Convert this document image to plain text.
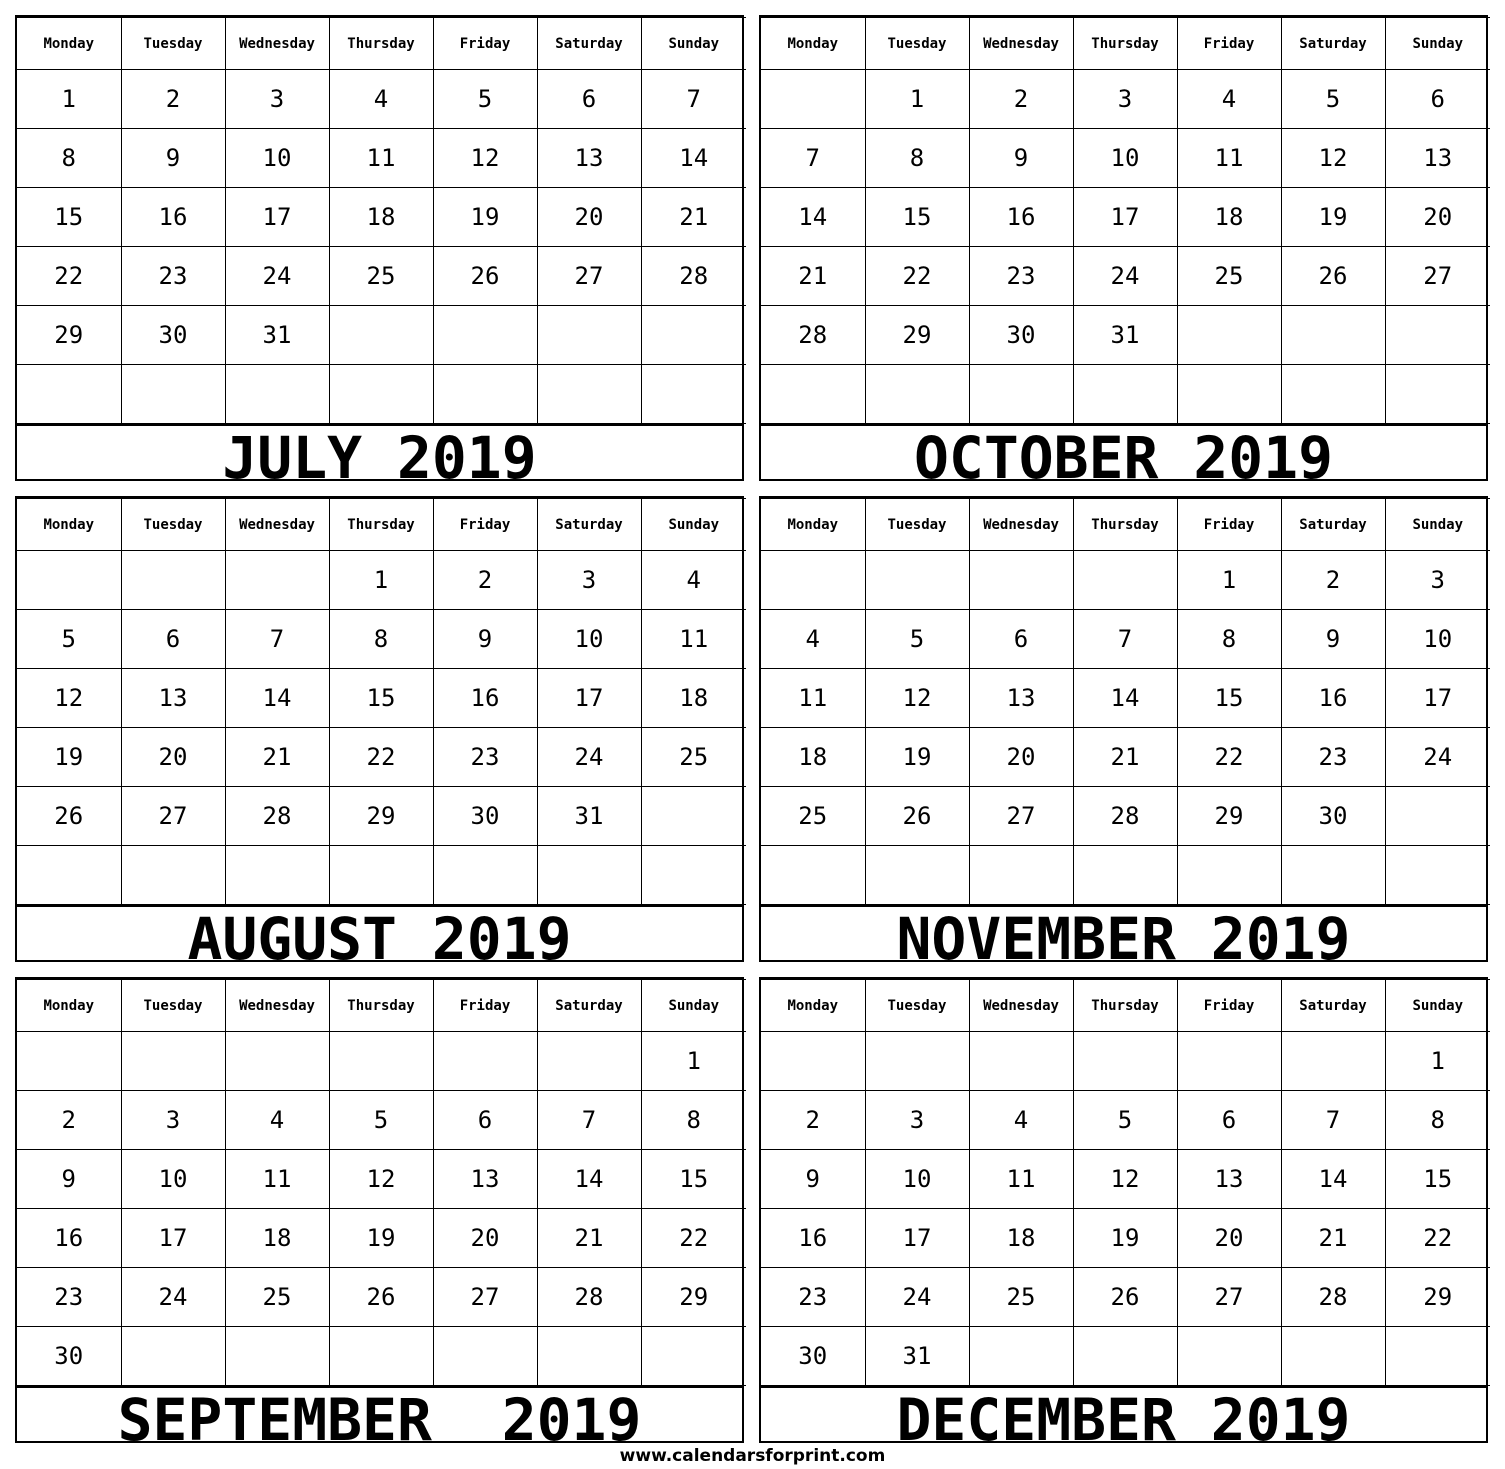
Monday	Tuesday	Wednesday	Thursday	Friday	Saturday	Sunday
1	2	3	4	5	6	7
8	9	10	11	12	13	14
15	16	17	18	19	20	21
22	23	24	25	26	27	28
29	30	31				

JULY 2019
Monday	Tuesday	Wednesday	Thursday	Friday	Saturday	Sunday
	1	2	3	4	5	6
7	8	9	10	11	12	13
14	15	16	17	18	19	20
21	22	23	24	25	26	27
28	29	30	31			

OCTOBER 2019
Monday	Tuesday	Wednesday	Thursday	Friday	Saturday	Sunday
			1	2	3	4
5	6	7	8	9	10	11
12	13	14	15	16	17	18
19	20	21	22	23	24	25
26	27	28	29	30	31	

AUGUST 2019
Monday	Tuesday	Wednesday	Thursday	Friday	Saturday	Sunday
				1	2	3
4	5	6	7	8	9	10
11	12	13	14	15	16	17
18	19	20	21	22	23	24
25	26	27	28	29	30	

NOVEMBER 2019
Monday	Tuesday	Wednesday	Thursday	Friday	Saturday	Sunday
						1
2	3	4	5	6	7	8
9	10	11	12	13	14	15
16	17	18	19	20	21	22
23	24	25	26	27	28	29
30						
SEPTEMBER  2019
Monday	Tuesday	Wednesday	Thursday	Friday	Saturday	Sunday
						1
2	3	4	5	6	7	8
9	10	11	12	13	14	15
16	17	18	19	20	21	22
23	24	25	26	27	28	29
30	31					
DECEMBER 2019
www.calendarsforprint.com
